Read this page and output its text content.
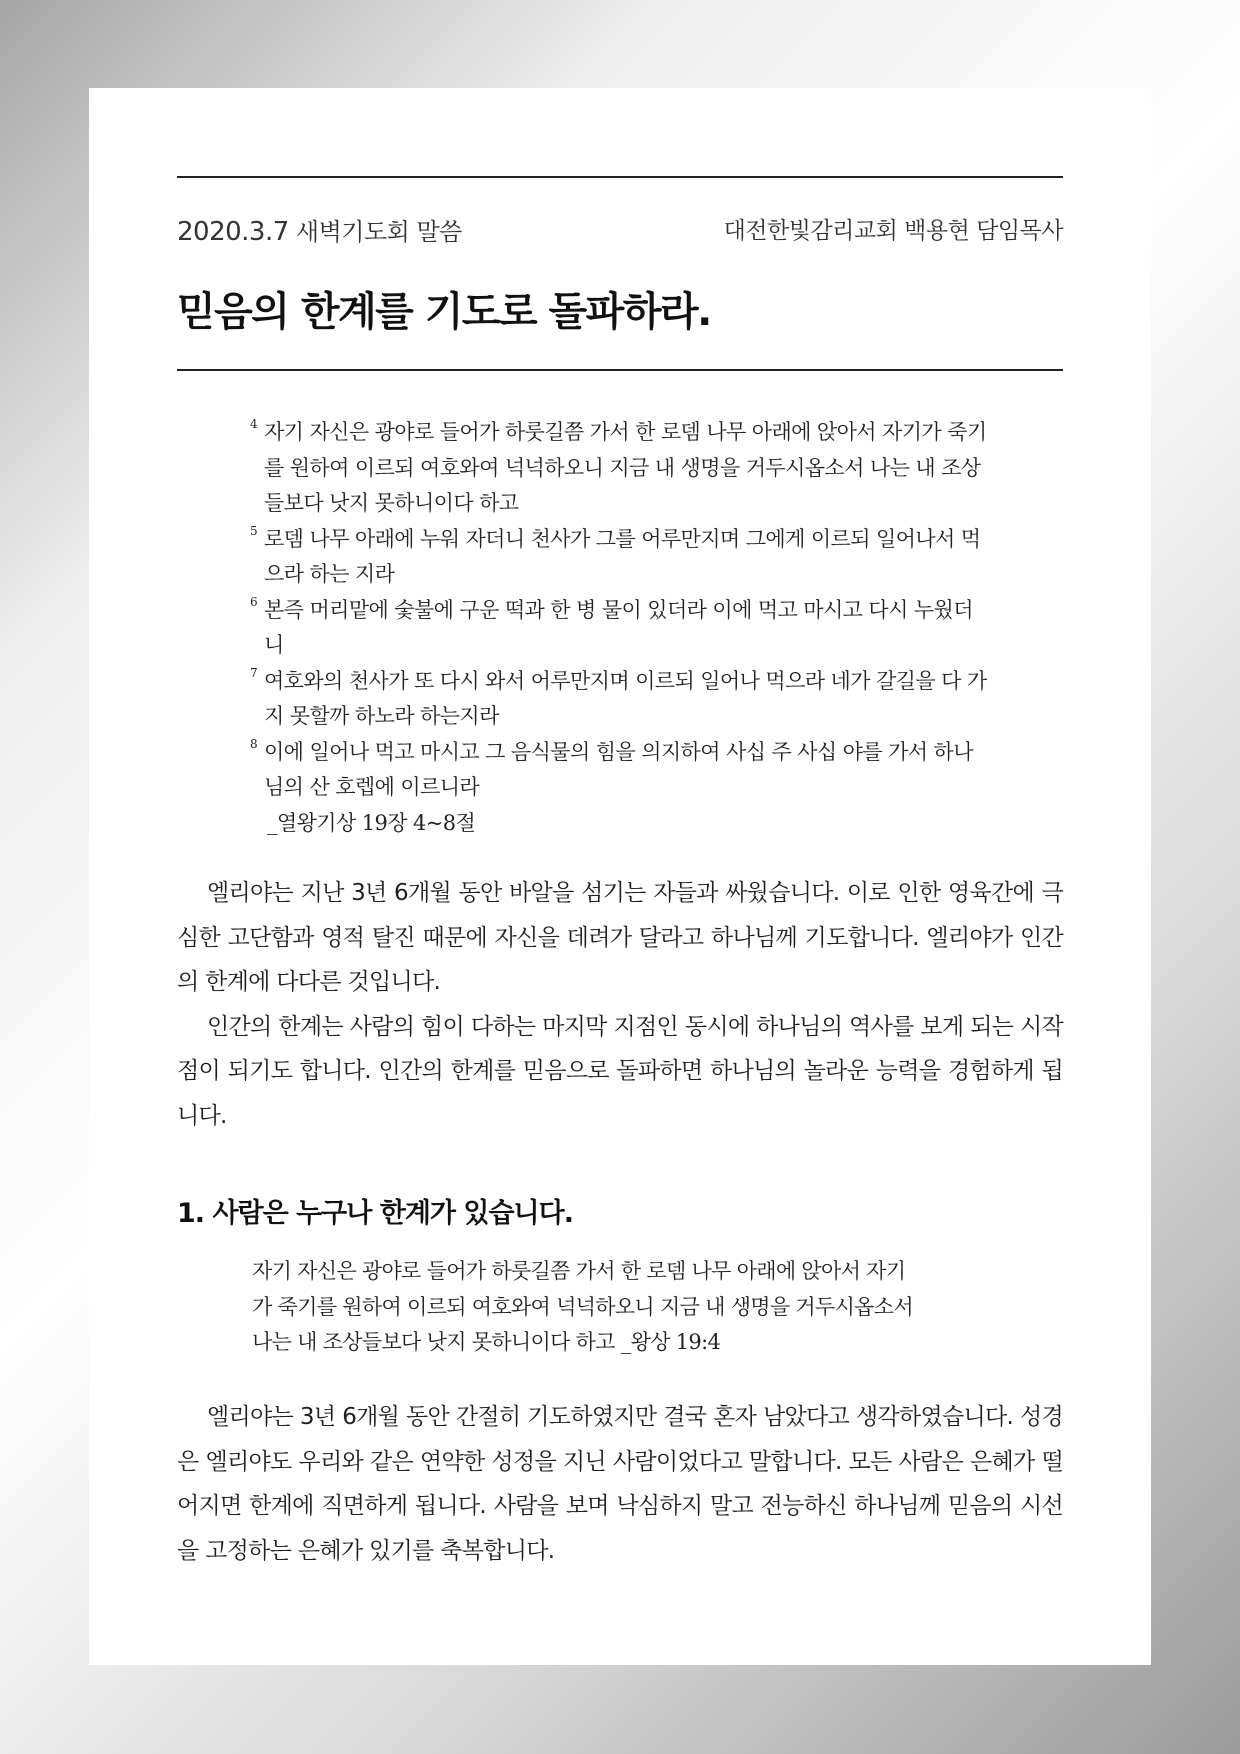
2020.3.7 새벽기도회 말씀	대전한빛감리교회 백용현 담임목사
믿음의 한계를 기도로 돌파하라.
4 자기 자신은 광야로 들어가 하룻길쯤 가서 한 로뎀 나무 아래에 앉아서 자기가 죽기를 원하여 이르되 여호와여 넉넉하오니 지금 내 생명을 거두시옵소서 나는 내 조상들보다 낫지 못하니이다 하고
5 로뎀 나무 아래에 누워 자더니 천사가 그를 어루만지며 그에게 이르되 일어나서 먹으라 하는 지라
6 본즉 머리맡에 숯불에 구운 떡과 한 병 물이 있더라 이에 먹고 마시고 다시 누웠더니
7 여호와의 천사가 또 다시 와서 어루만지며 이르되 일어나 먹으라 네가 갈길을 다 가지 못할까 하노라 하는지라
8 이에 일어나 먹고 마시고 그 음식물의 힘을 의지하여 사십 주 사십 야를 가서 하나님의 산 호렙에 이르니라
_열왕기상 19장 4~8절

엘리야는 지난 3년 6개월 동안 바알을 섬기는 자들과 싸웠습니다. 이로 인한 영육간에 극심한 고단함과 영적 탈진 때문에 자신을 데려가 달라고 하나님께 기도합니다. 엘리야가 인간의 한계에 다다른 것입니다.

인간의 한계는 사람의 힘이 다하는 마지막 지점인 동시에 하나님의 역사를 보게 되는 시작점이 되기도 합니다. 인간의 한계를 믿음으로 돌파하면 하나님의 놀라운 능력을 경험하게 됩니다.

1. 사람은 누구나 한계가 있습니다.
자기 자신은 광야로 들어가 하룻길쯤 가서 한 로뎀 나무 아래에 앉아서 자기
가 죽기를 원하여 이르되 여호와여 넉넉하오니 지금 내 생명을 거두시옵소서
나는 내 조상들보다 낫지 못하니이다 하고 _왕상 19:4

엘리야는 3년 6개월 동안 간절히 기도하였지만 결국 혼자 남았다고 생각하였습니다. 성경은 엘리야도 우리와 같은 연약한 성정을 지닌 사람이었다고 말합니다. 모든 사람은 은혜가 떨어지면 한계에 직면하게 됩니다. 사람을 보며 낙심하지 말고 전능하신 하나님께 믿음의 시선을 고정하는 은혜가 있기를 축복합니다.
